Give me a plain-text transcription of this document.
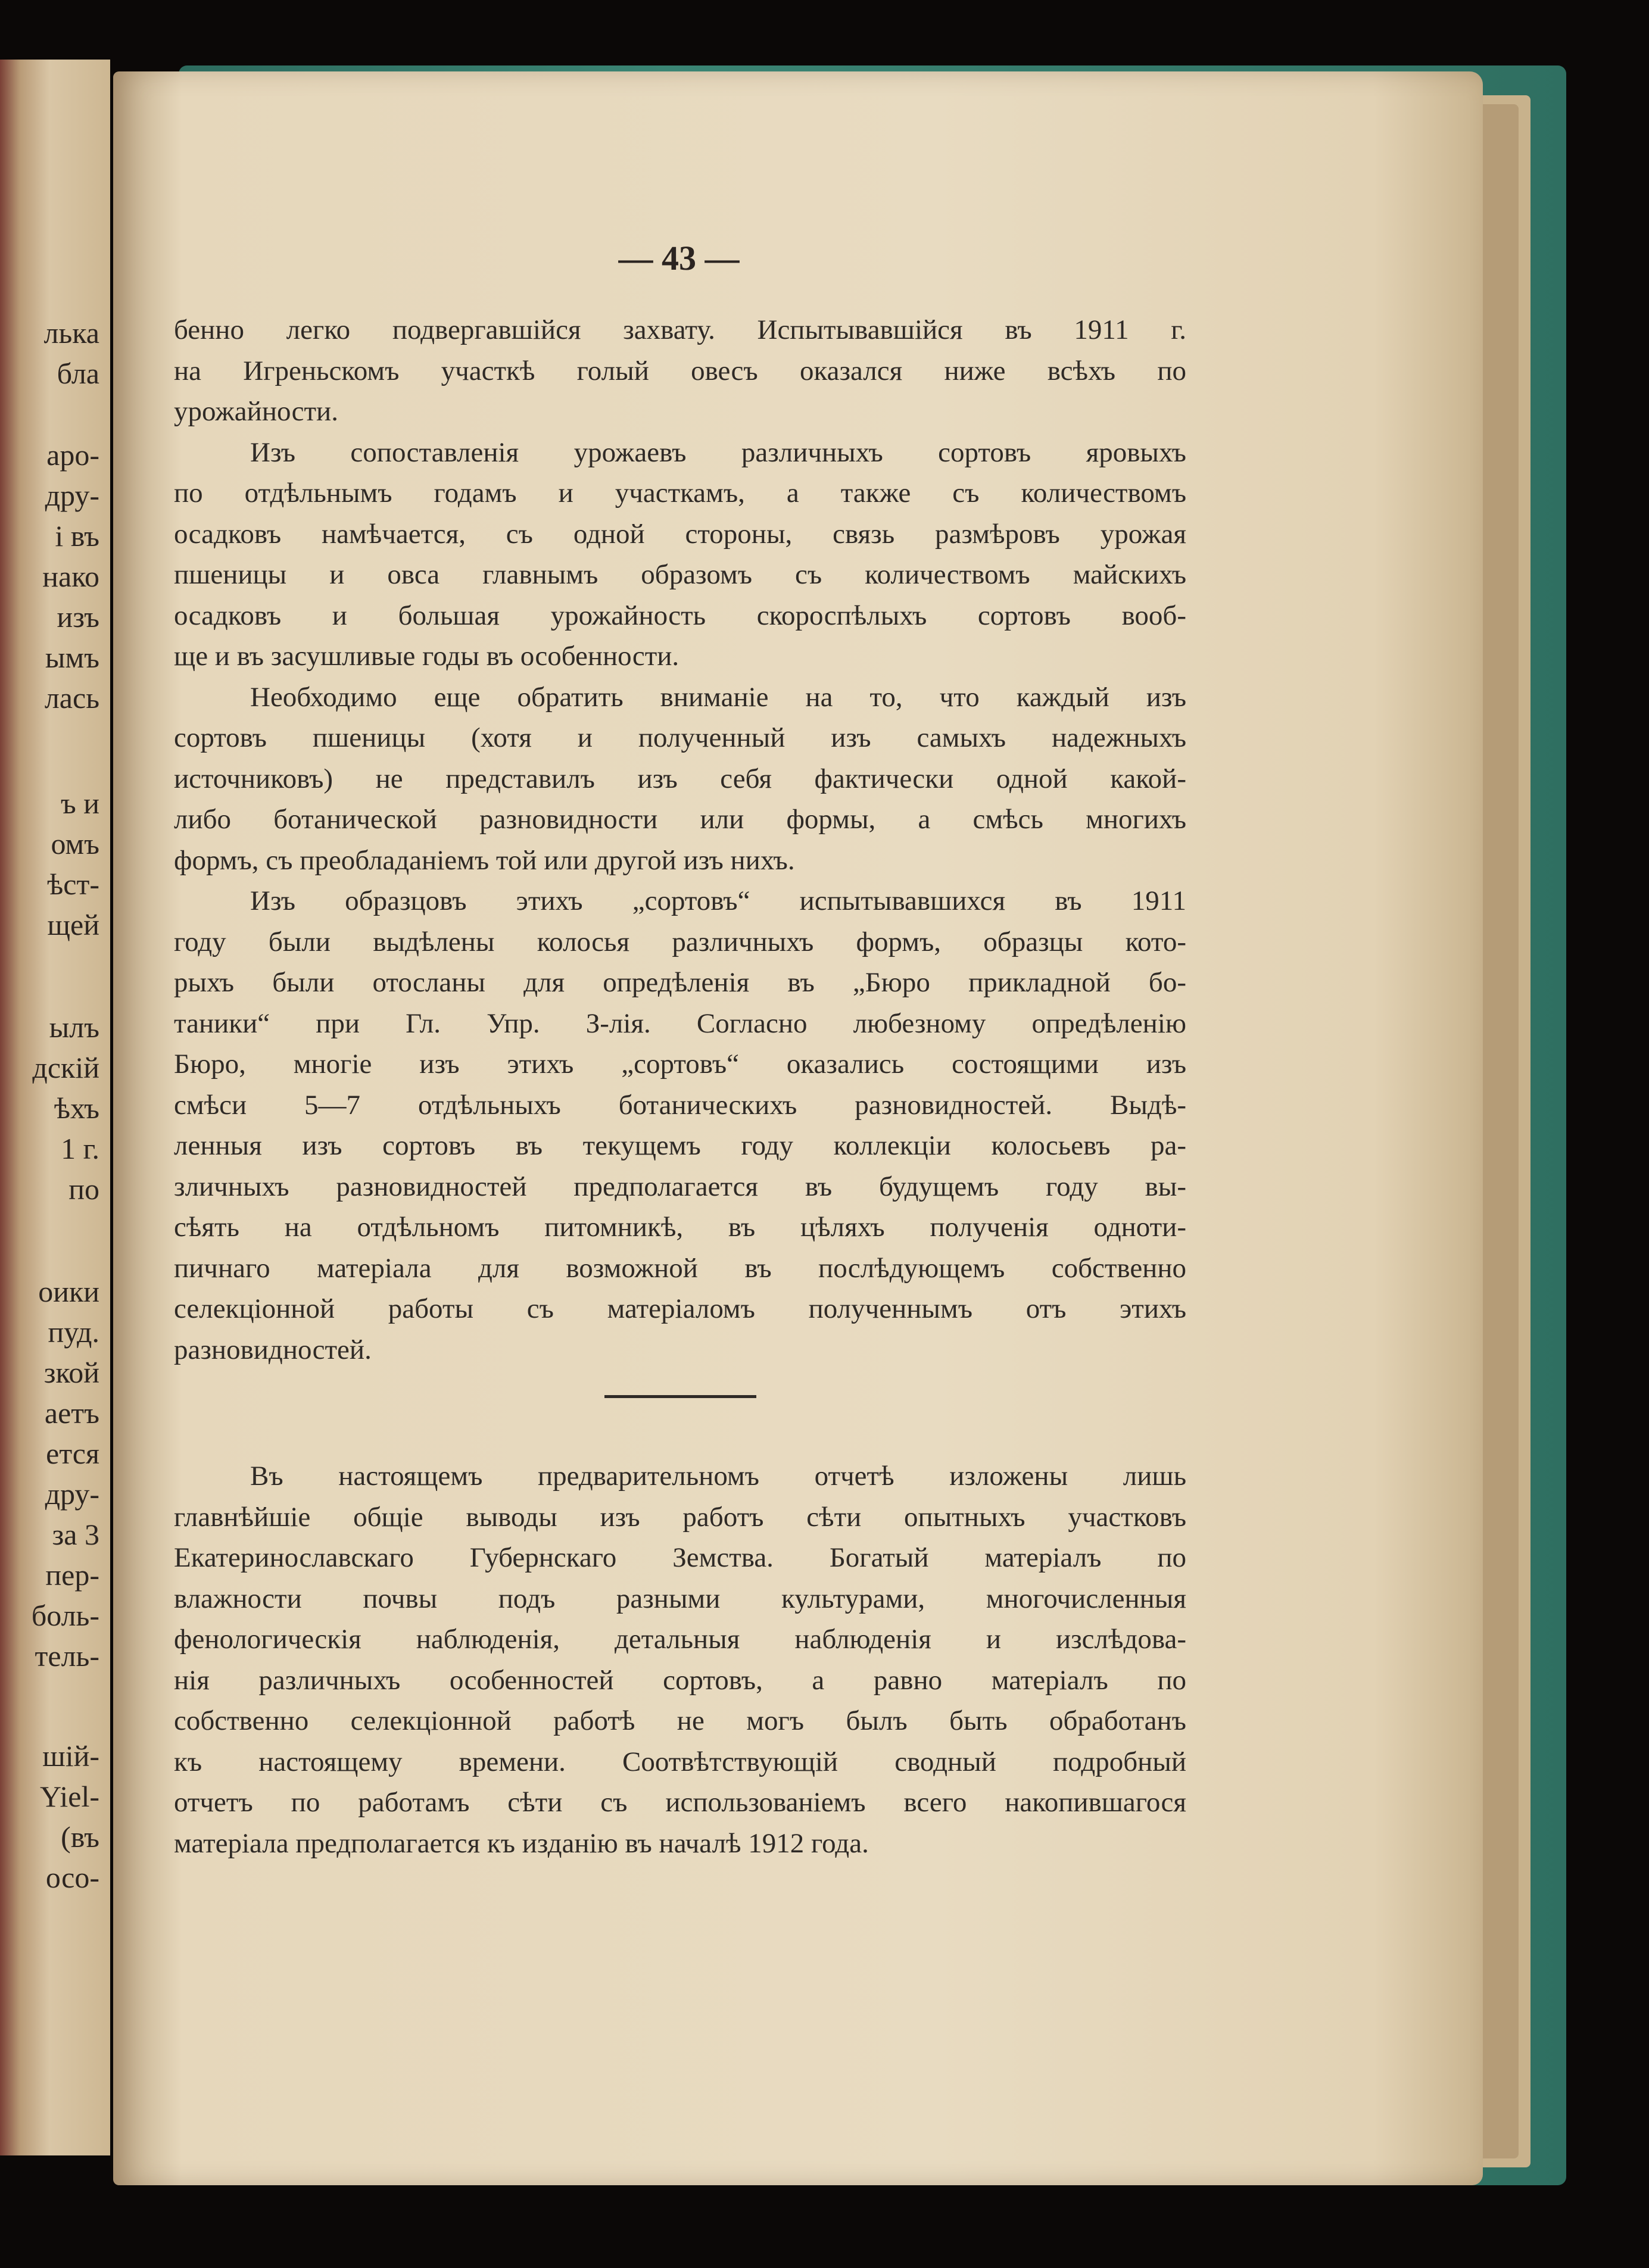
лька
бла
аро-
дру-
і въ
нако
изъ
ымъ
лась
ъ и
омъ
ѣст-
щей
ылъ
дскій
ѣхъ
1 г.
по
оики
пуд.
зкой
аетъ
ется
дру-
за 3
пер-
боль-
тель-
шій-
Yiel-
(въ
осо-
— 43 —
бенно легко подвергавшійся захвату. Испытывавшійся въ 1911 г.
на Игреньскомъ участкѣ голый овесъ оказался ниже всѣхъ по
урожайности.
Изъ сопоставленія урожаевъ различныхъ сортовъ яровыхъ
по отдѣльнымъ годамъ и участкамъ, а также съ количествомъ
осадковъ намѣчается, съ одной стороны, связь размѣровъ урожая
пшеницы и овса главнымъ образомъ съ количествомъ майскихъ
осадковъ и большая урожайность скороспѣлыхъ сортовъ вооб-
ще и въ засушливые годы въ особенности.
Необходимо еще обратить вниманіе на то, что каждый изъ
сортовъ пшеницы (хотя и полученный изъ самыхъ надежныхъ
источниковъ) не представилъ изъ себя фактически одной какой-
либо ботанической разновидности или формы, а смѣсь многихъ
формъ, съ преобладаніемъ той или другой изъ нихъ.
Изъ образцовъ этихъ „сортовъ“ испытывавшихся въ 1911
году были выдѣлены колосья различныхъ формъ, образцы кото-
рыхъ были отосланы для опредѣленія въ „Бюро прикладной бо-
таники“ при Гл. Упр. З-лія. Согласно любезному опредѣленію
Бюро, многіе изъ этихъ „сортовъ“ оказались состоящими изъ
смѣси 5—7 отдѣльныхъ ботаническихъ разновидностей. Выдѣ-
ленныя изъ сортовъ въ текущемъ году коллекціи колосьевъ ра-
зличныхъ разновидностей предполагается въ будущемъ году вы-
сѣять на отдѣльномъ питомникѣ, въ цѣляхъ полученія одноти-
пичнаго матеріала для возможной въ послѣдующемъ собственно
селекціонной работы съ матеріаломъ полученнымъ отъ этихъ
разновидностей.
Въ настоящемъ предварительномъ отчетѣ изложены лишь
главнѣйшіе общіе выводы изъ работъ сѣти опытныхъ участковъ
Екатеринославскаго Губернскаго Земства. Богатый матеріалъ по
влажности почвы подъ разными культурами, многочисленныя
фенологическія наблюденія, детальныя наблюденія и изслѣдова-
нія различныхъ особенностей сортовъ, а равно матеріалъ по
собственно селекціонной работѣ не могъ былъ быть обработанъ
къ настоящему времени. Соотвѣтствующій сводный подробный
отчетъ по работамъ сѣти съ использованіемъ всего накопившагося
матеріала предполагается къ изданію въ началѣ 1912 года.
